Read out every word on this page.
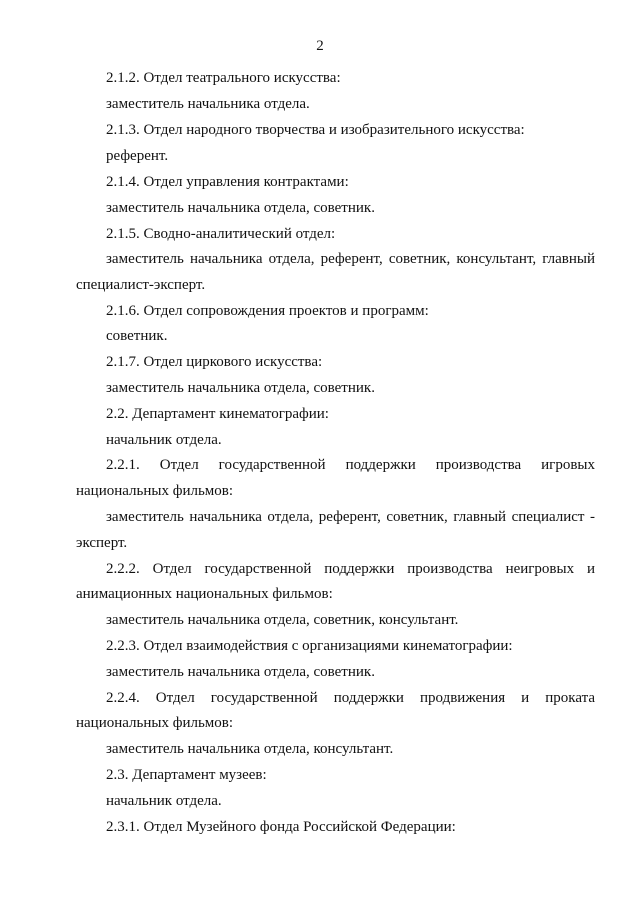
2
2.1.2. Отдел театрального искусства:
заместитель начальника отдела.
2.1.3. Отдел народного творчества и изобразительного искусства:
референт.
2.1.4. Отдел управления контрактами:
заместитель начальника отдела, советник.
2.1.5. Сводно-аналитический отдел:
заместитель начальника отдела, референт, советник, консультант, главный
специалист-эксперт.
2.1.6. Отдел сопровождения проектов и программ:
советник.
2.1.7. Отдел циркового искусства:
заместитель начальника отдела, советник.
2.2. Департамент кинематографии:
начальник отдела.
2.2.1. Отдел государственной поддержки производства игровых
национальных фильмов:
заместитель начальника отдела, референт, советник, главный специалист -
эксперт.
2.2.2. Отдел государственной поддержки производства неигровых и
анимационных национальных фильмов:
заместитель начальника отдела, советник, консультант.
2.2.3. Отдел взаимодействия с организациями кинематографии:
заместитель начальника отдела, советник.
2.2.4. Отдел государственной поддержки продвижения и проката
национальных фильмов:
заместитель начальника отдела, консультант.
2.3. Департамент музеев:
начальник отдела.
2.3.1. Отдел Музейного фонда Российской Федерации:
